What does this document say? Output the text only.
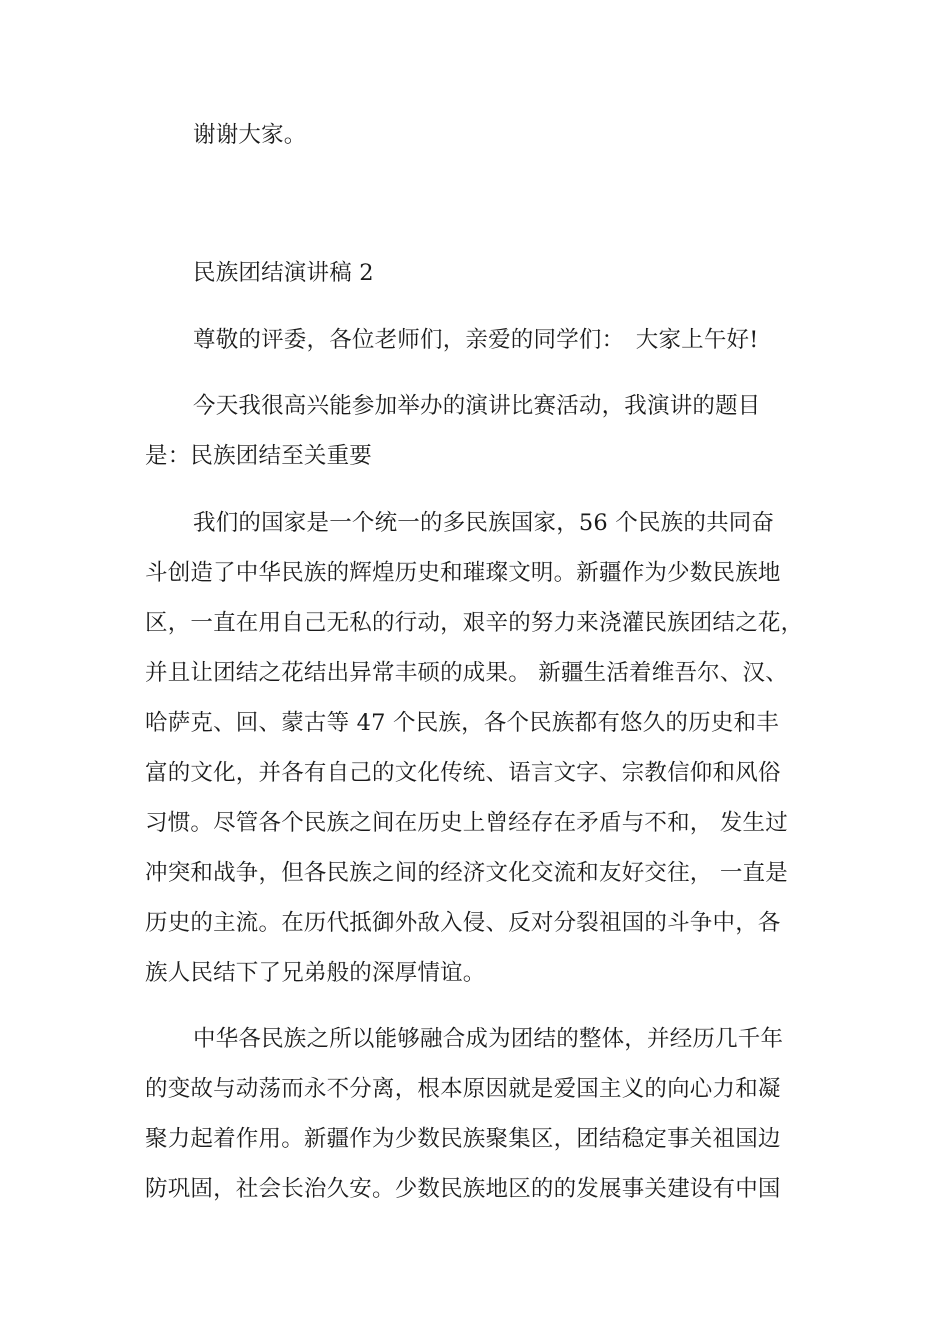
谢谢大家。
民族团结演讲稿 2
尊敬的评委，各位老师们，亲爱的同学们：　大家上午好!
今天我很高兴能参加举办的演讲比赛活动，我演讲的题目
是：民族团结至关重要
我们的国家是一个统一的多民族国家，56 个民族的共同奋
斗创造了中华民族的辉煌历史和璀璨文明。新疆作为少数民族地
区，一直在用自己无私的行动，艰辛的努力来浇灌民族团结之花，
并且让团结之花结出异常丰硕的成果。 新疆生活着维吾尔、汉、
哈萨克、回、蒙古等 47 个民族，各个民族都有悠久的历史和丰
富的文化，并各有自己的文化传统、语言文字、宗教信仰和风俗
习惯。尽管各个民族之间在历史上曾经存在矛盾与不和， 发生过
冲突和战争，但各民族之间的经济文化交流和友好交往， 一直是
历史的主流。在历代抵御外敌入侵、反对分裂祖国的斗争中，各
族人民结下了兄弟般的深厚情谊。
中华各民族之所以能够融合成为团结的整体，并经历几千年
的变故与动荡而永不分离，根本原因就是爱国主义的向心力和凝
聚力起着作用。新疆作为少数民族聚集区，团结稳定事关祖国边
防巩固，社会长治久安。少数民族地区的的发展事关建设有中国
